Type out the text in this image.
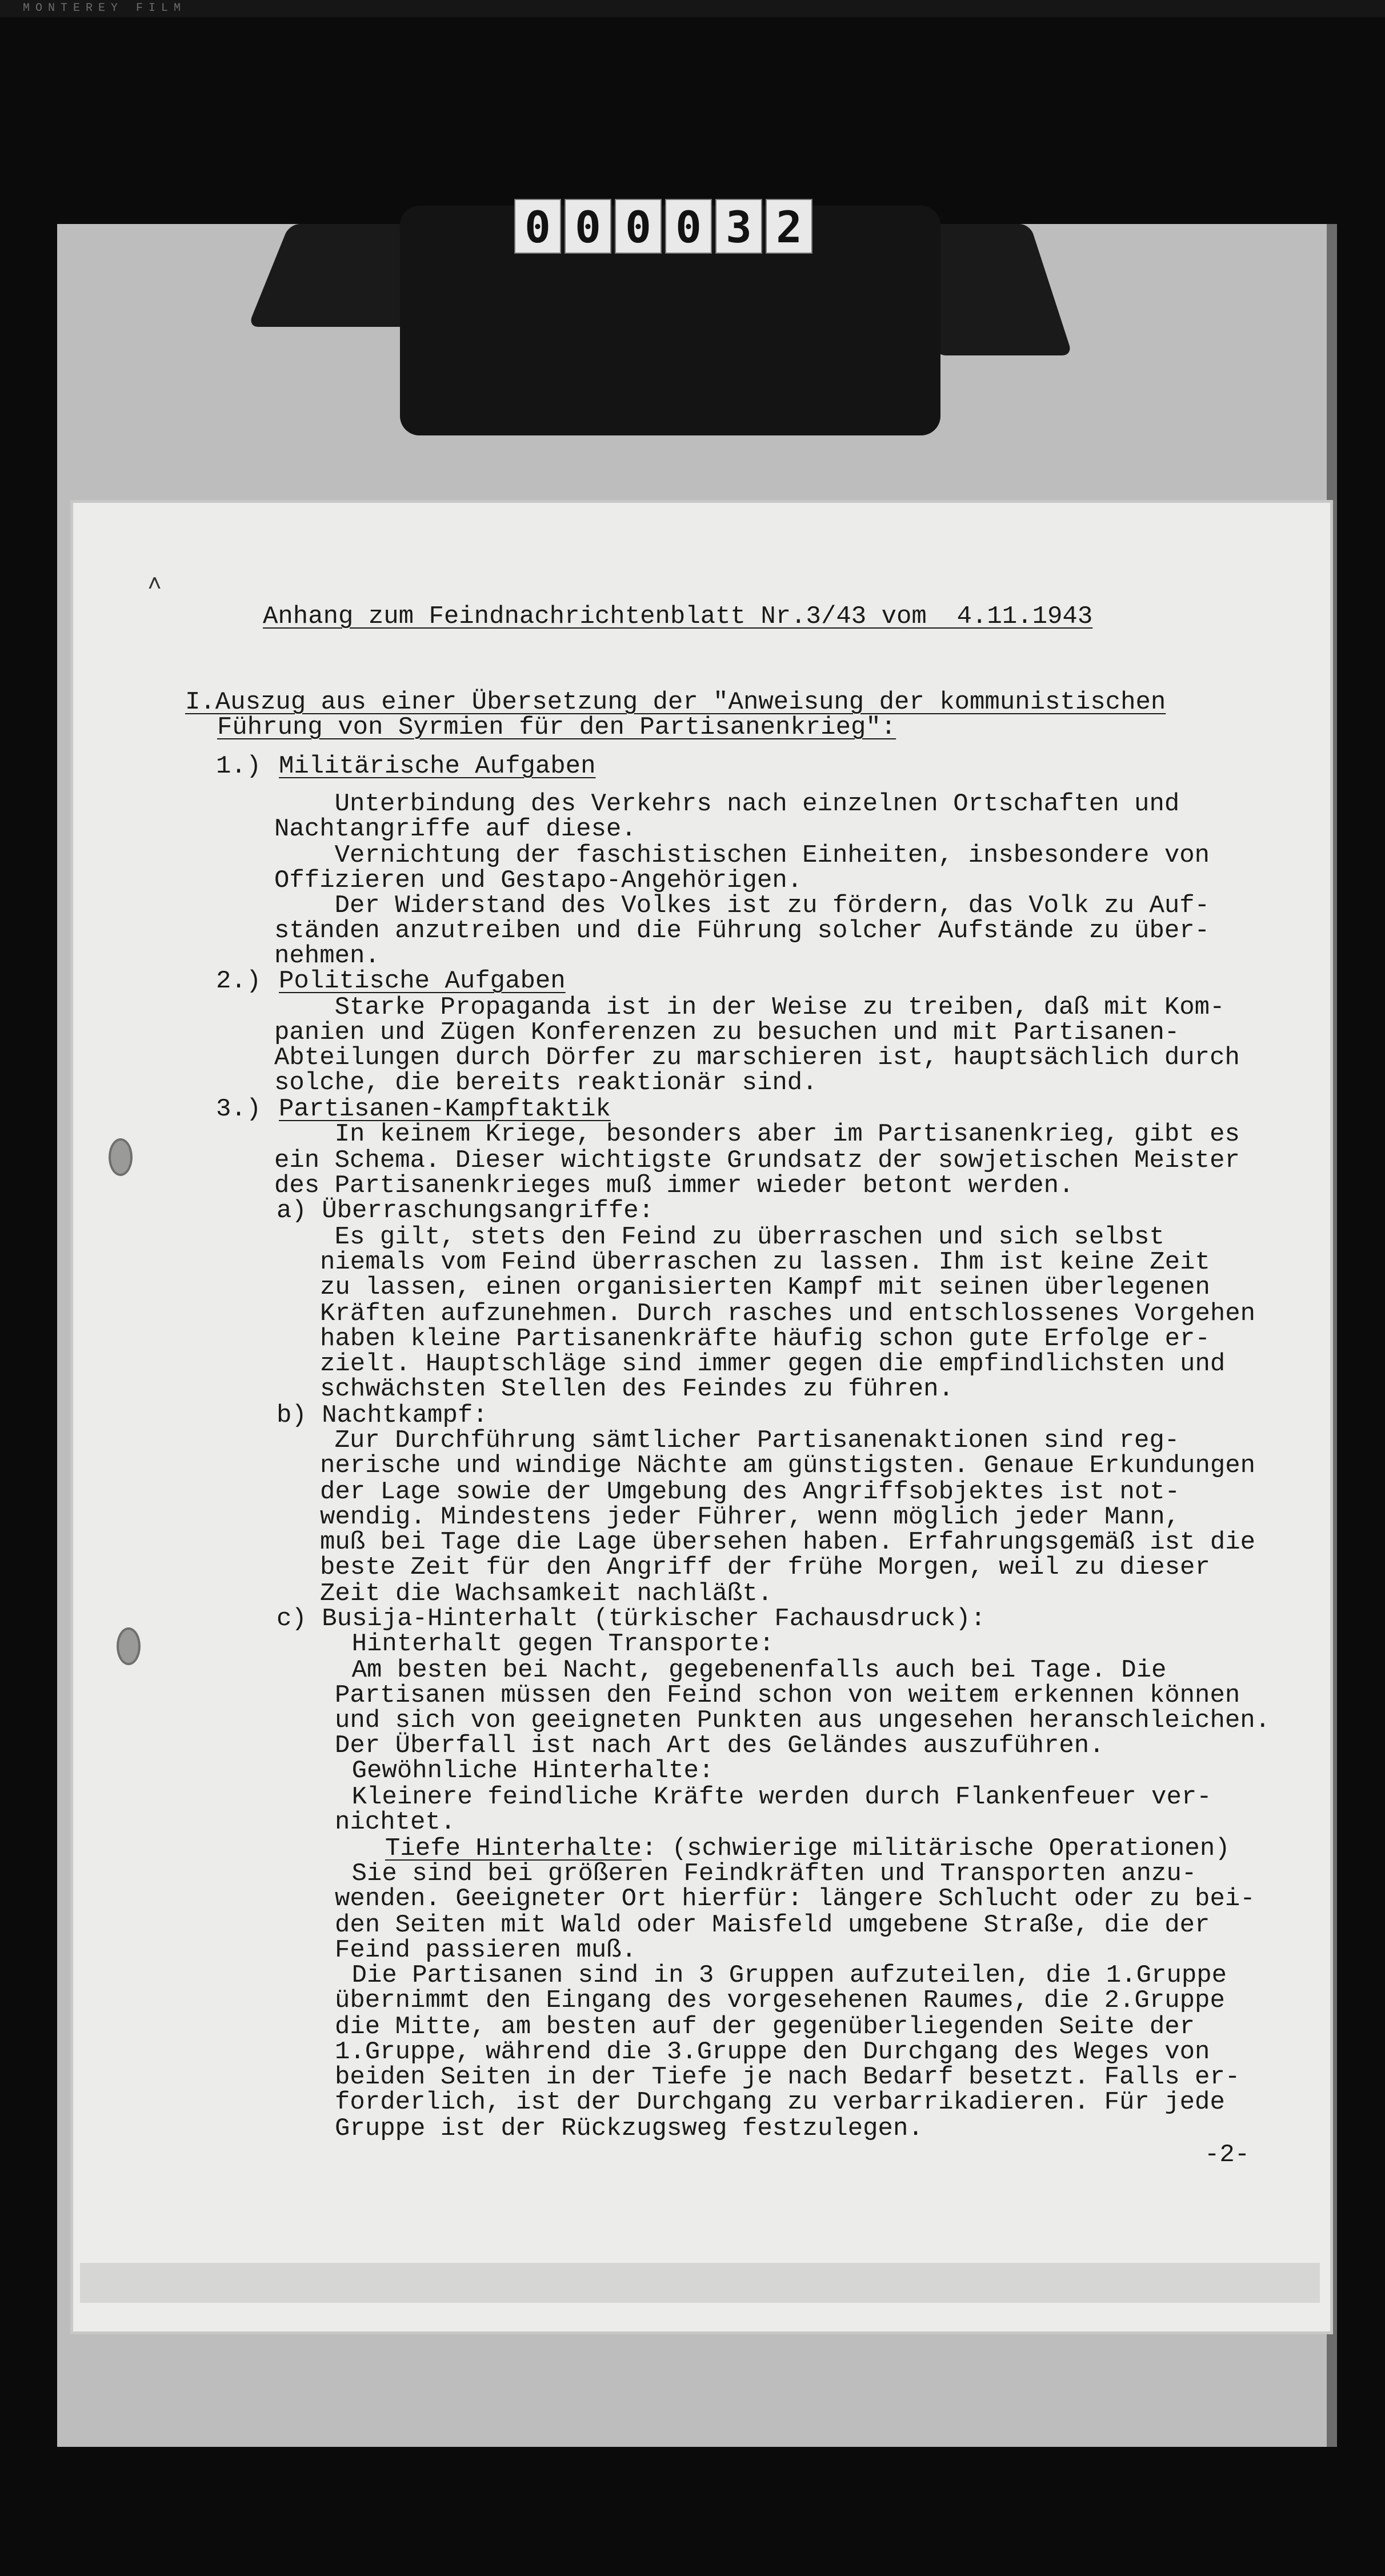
MONTEREY FILM
0 0 0 0 3 2
˄
Anhang zum Feindnachrichtenblatt Nr.3/43 vom  4.11.1943
I.Auszug aus einer Übersetzung der "Anweisung der kommunistischen
Führung von Syrmien für den Partisanenkrieg":
1.) Militärische Aufgaben
Unterbindung des Verkehrs nach einzelnen Ortschaften und
Nachtangriffe auf diese.
Vernichtung der faschistischen Einheiten, insbesondere von
Offizieren und Gestapo-Angehörigen.
Der Widerstand des Volkes ist zu fördern, das Volk zu Auf-
ständen anzutreiben und die Führung solcher Aufstände zu über-
nehmen.
2.) Politische Aufgaben
Starke Propaganda ist in der Weise zu treiben, daß mit Kom-
panien und Zügen Konferenzen zu besuchen und mit Partisanen-
Abteilungen durch Dörfer zu marschieren ist, hauptsächlich durch
solche, die bereits reaktionär sind.
3.) Partisanen-Kampftaktik
In keinem Kriege, besonders aber im Partisanenkrieg, gibt es
ein Schema. Dieser wichtigste Grundsatz der sowjetischen Meister
des Partisanenkrieges muß immer wieder betont werden.
a) Überraschungsangriffe:
Es gilt, stets den Feind zu überraschen und sich selbst
niemals vom Feind überraschen zu lassen. Ihm ist keine Zeit
zu lassen, einen organisierten Kampf mit seinen überlegenen
Kräften aufzunehmen. Durch rasches und entschlossenes Vorgehen
haben kleine Partisanenkräfte häufig schon gute Erfolge er-
zielt. Hauptschläge sind immer gegen die empfindlichsten und
schwächsten Stellen des Feindes zu führen.
b) Nachtkampf:
Zur Durchführung sämtlicher Partisanenaktionen sind reg-
nerische und windige Nächte am günstigsten. Genaue Erkundungen
der Lage sowie der Umgebung des Angriffsobjektes ist not-
wendig. Mindestens jeder Führer, wenn möglich jeder Mann,
muß bei Tage die Lage übersehen haben. Erfahrungsgemäß ist die
beste Zeit für den Angriff der frühe Morgen, weil zu dieser
Zeit die Wachsamkeit nachläßt.
c) Busija-Hinterhalt (türkischer Fachausdruck):
Hinterhalt gegen Transporte:
Am besten bei Nacht, gegebenenfalls auch bei Tage. Die
Partisanen müssen den Feind schon von weitem erkennen können
und sich von geeigneten Punkten aus ungesehen heranschleichen.
Der Überfall ist nach Art des Geländes auszuführen.
Gewöhnliche Hinterhalte:
Kleinere feindliche Kräfte werden durch Flankenfeuer ver-
nichtet.
Tiefe Hinterhalte: (schwierige militärische Operationen)
Sie sind bei größeren Feindkräften und Transporten anzu-
wenden. Geeigneter Ort hierfür: längere Schlucht oder zu bei-
den Seiten mit Wald oder Maisfeld umgebene Straße, die der
Feind passieren muß.
Die Partisanen sind in 3 Gruppen aufzuteilen, die 1.Gruppe
übernimmt den Eingang des vorgesehenen Raumes, die 2.Gruppe
die Mitte, am besten auf der gegenüberliegenden Seite der
1.Gruppe, während die 3.Gruppe den Durchgang des Weges von
beiden Seiten in der Tiefe je nach Bedarf besetzt. Falls er-
forderlich, ist der Durchgang zu verbarrikadieren. Für jede
Gruppe ist der Rückzugsweg festzulegen.
-2-
